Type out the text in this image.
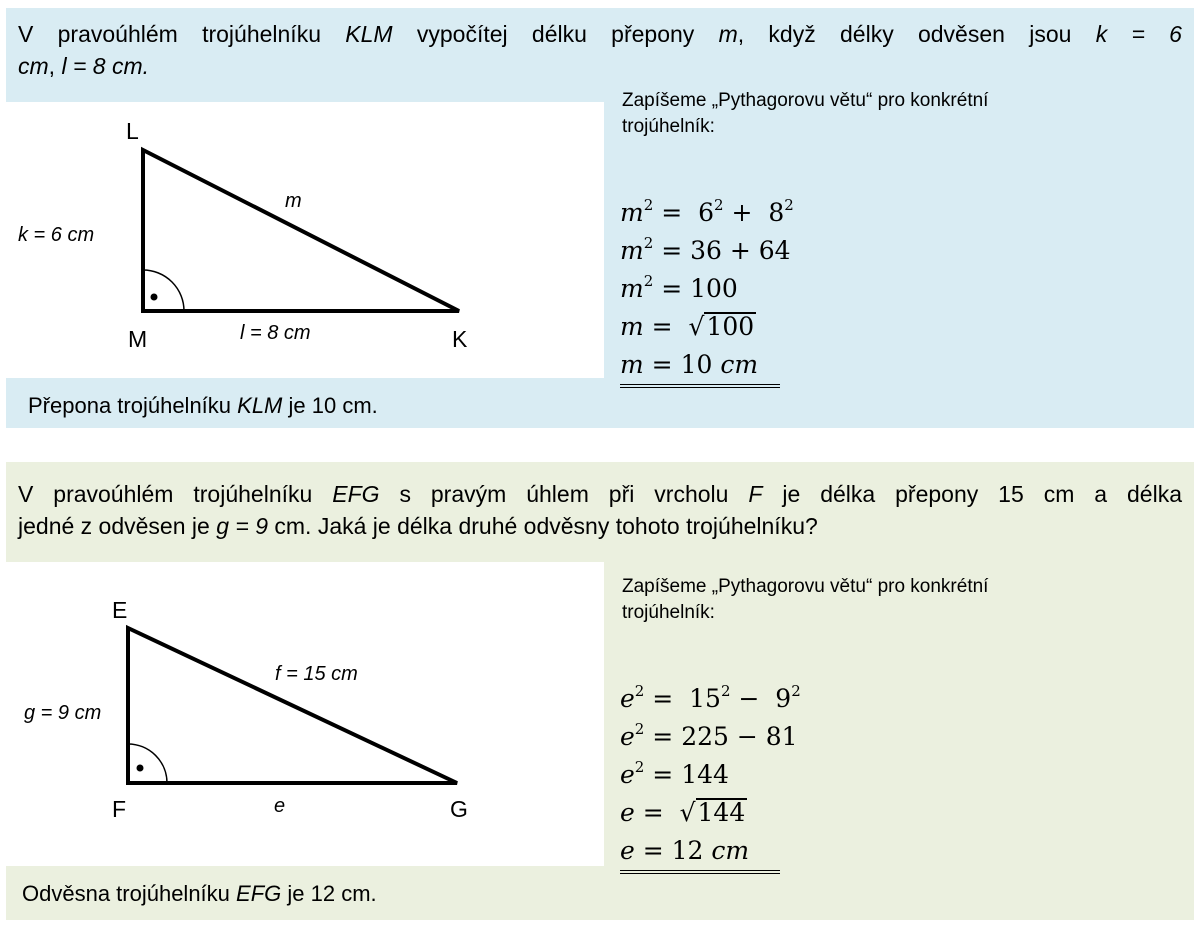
V pravoúhlém trojúhelníku KLM vypočítej délku přepony m, když délky odvěsen jsou k = 6
cm, l = 8 cm.
Zapíšeme „Pythagorovu větu“ pro konkrétní
trojúhelník:
L
M	K
k = 6 cm
m
l = 8 cm
$m^2 = 6^2 + 8^2$
$m^2 = 36 + 64$
$m^2 = 100$
m =  √100
m = 10 cm
Přepona trojúhelníku KLM je 10 cm.
V pravoúhlém trojúhelníku EFG s pravým úhlem při vrcholu F je délka přepony 15 cm a délka
jedné z odvěsen je g = 9 cm. Jaká je délka druhé odvěsny tohoto trojúhelníku?
Zapíšeme „Pythagorovu větu“ pro konkrétní
trojúhelník:
E
F	G
g = 9 cm
f = 15 cm
e
$e^2 = 15^2 - 9^2$
$e^2 = 225 - 81$
$e^2 = 144$
e =  √144
e = 12 cm
Odvěsna trojúhelníku EFG je 12 cm.
